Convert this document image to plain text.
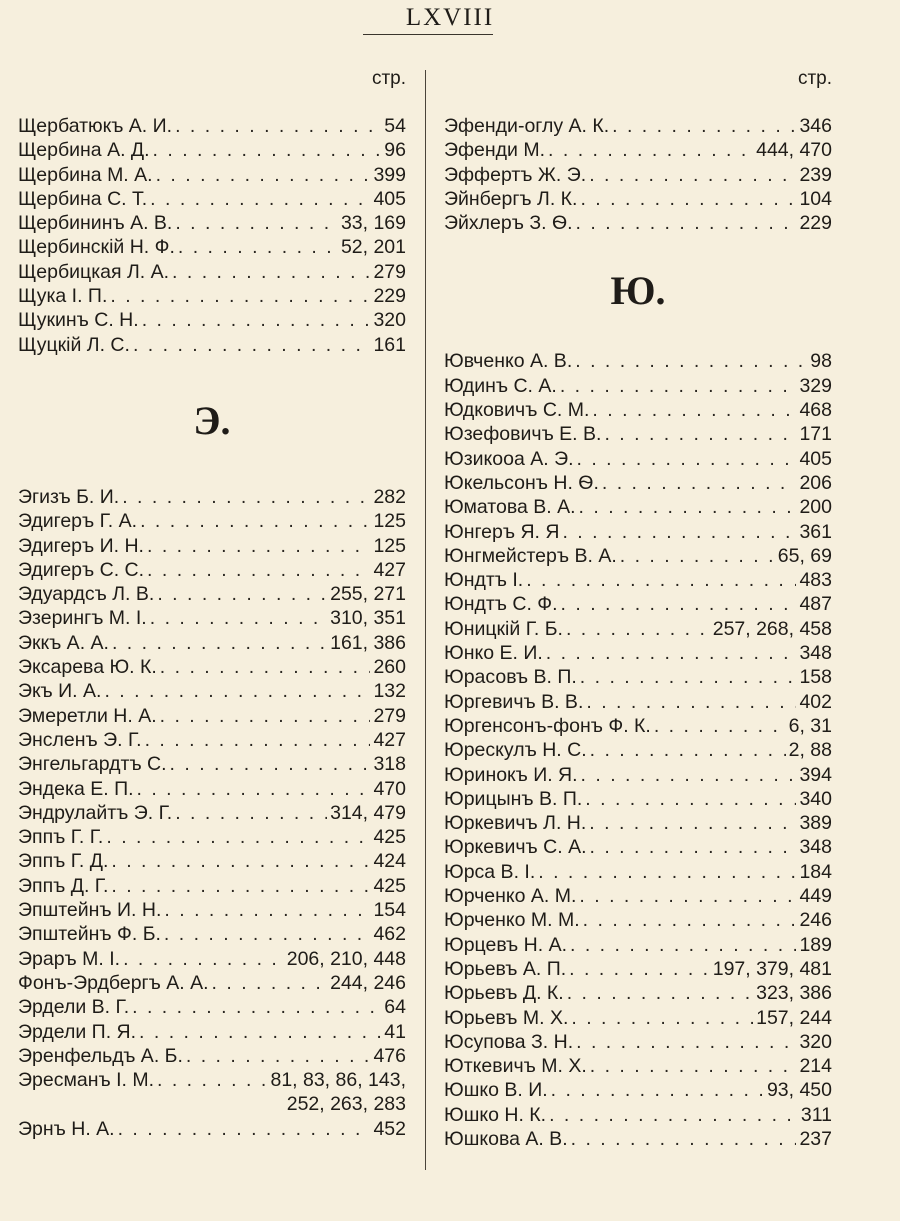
LXVIII
стр.
Щербатюкъ А. И. . . .	54
Щербина А. Д. . . .	96
Щербина М. А. . . .	399
Щербина С. Т. . . .	405
Щербининъ А. В. . . .	33, 169
Щербинскій Н. Ф. . . .	52, 201
Щербицкая Л. А. . . .	279
Щука І. П. . . .	229
Щукинъ С. Н. . . .	320
Щуцкій Л. С. . . .	161
Э.
Эгизъ Б. И. . . .	282
Эдигеръ Г. А. . . .	125
Эдигеръ И. Н. . . .	125
Эдигеръ С. С. . . .	427
Эдуардсъ Л. В. . . .	255, 271
Эзерингъ М. І. . . .	310, 351
Эккъ А. А. . . .	161, 386
Эксарева Ю. К. . . .	260
Экъ И. А. . . .	132
Эмеретли Н. А. . . .	279
Энсленъ Э. Г. . . .	427
Энгельгардтъ С. . . .	318
Эндека Е. П. . . .	470
Эндрулайтъ Э. Г. . . .	314, 479
Эппъ Г. Г. . . .	425
Эппъ Г. Д. . . .	424
Эппъ Д. Г. . . .	425
Эпштейнъ И. Н. . . .	154
Эпштейнъ Ф. Б. . . .	462
Эраръ М. І. . . .	206, 210, 448
Фонъ-Эрдбергъ А. А. . . .	244, 246
Эрдели В. Г. . . .	64
Эрдели П. Я. . . .	41
Эренфельдъ А. Б. . . .	476
Эресманъ І. М. . . .	81, 83, 86, 143,
252, 263, 283
Эрнъ Н. А. . . .	452
стр.
Эфенди-оглу А. К. . . .	346
Эфенди М. . . .	444, 470
Эффертъ Ж. Э. . . .	239
Эйнбергъ Л. К. . . .	104
Эйхлеръ З. Ѳ. . . .	229
Ю.
Ювченко А. В. . . .	98
Юдинъ С. А. . . .	329
Юдковичъ С. М. . . .	468
Юзефовичъ Е. В. . . .	171
Юзикооа А. Э. . . .	405
Юкельсонъ Н. Ѳ. . . .	206
Юматова В. А. . . .	200
Юнгеръ Я. Я . . .	361
Юнгмейстеръ В. А. . . .	65, 69
Юндтъ І. . . .	483
Юндтъ С. Ф. . . .	487
Юницкій Г. Б. . . .	257, 268, 458
Юнко Е. И. . . .	348
Юрасовъ В. П. . . .	158
Юргевичъ В. В. . . .	402
Юргенсонъ-фонъ Ф. К. . . .	6, 31
Юрескулъ Н. С. . . .	2, 88
Юринокъ И. Я. . . .	394
Юрицынъ В. П. . . .	340
Юркевичъ Л. Н. . . .	389
Юркевичъ С. А. . . .	348
Юрса В. І. . . .	184
Юрченко А. М. . . .	449
Юрченко М. М. . . .	246
Юрцевъ Н. А. . . .	189
Юрьевъ А. П. . . .	197, 379, 481
Юрьевъ Д. К. . . .	323, 386
Юрьевъ М. Х. . . .	157, 244
Юсупова З. Н. . . .	320
Юткевичъ М. Х. . . .	214
Юшко В. И. . . .	93, 450
Юшко Н. К. . . .	311
Юшкова А. В. . . .	237
